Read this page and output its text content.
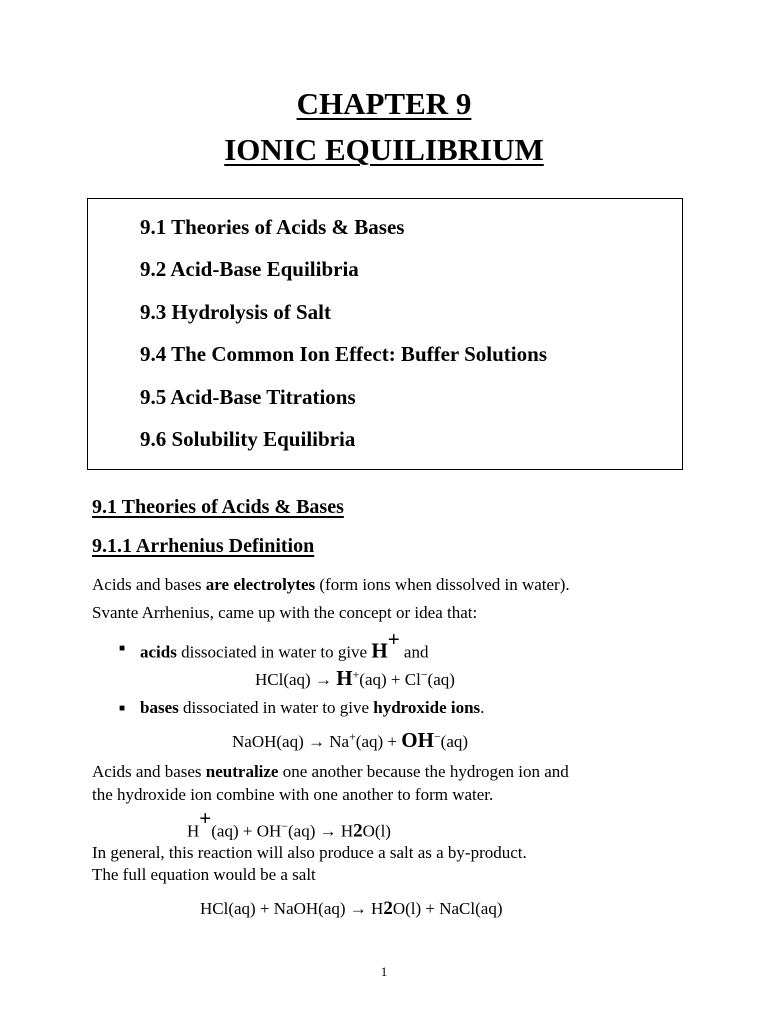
CHAPTER 9
IONIC EQUILIBRIUM
9.1 Theories of Acids & Bases
9.2 Acid-Base Equilibria
9.3 Hydrolysis of Salt
9.4 The Common Ion Effect: Buffer Solutions
9.5 Acid-Base Titrations
9.6 Solubility Equilibria
9.1 Theories of Acids & Bases
9.1.1 Arrhenius Definition
Acids and bases are electrolytes (form ions when dissolved in water).
Svante Arrhenius, came up with the concept or idea that:
■ acids dissociated in water to give H+ and
HCl(aq) → H+(aq) + Cl−(aq)
■ bases dissociated in water to give hydroxide ions.
NaOH(aq) → Na+(aq) + OH−(aq)
Acids and bases neutralize one another because the hydrogen ion and
the hydroxide ion combine with one another to form water.
H+(aq) + OH−(aq) → H2O(l)
In general, this reaction will also produce a salt as a by-product.
The full equation would be a salt
HCl(aq) + NaOH(aq) → H2O(l) + NaCl(aq)
1
